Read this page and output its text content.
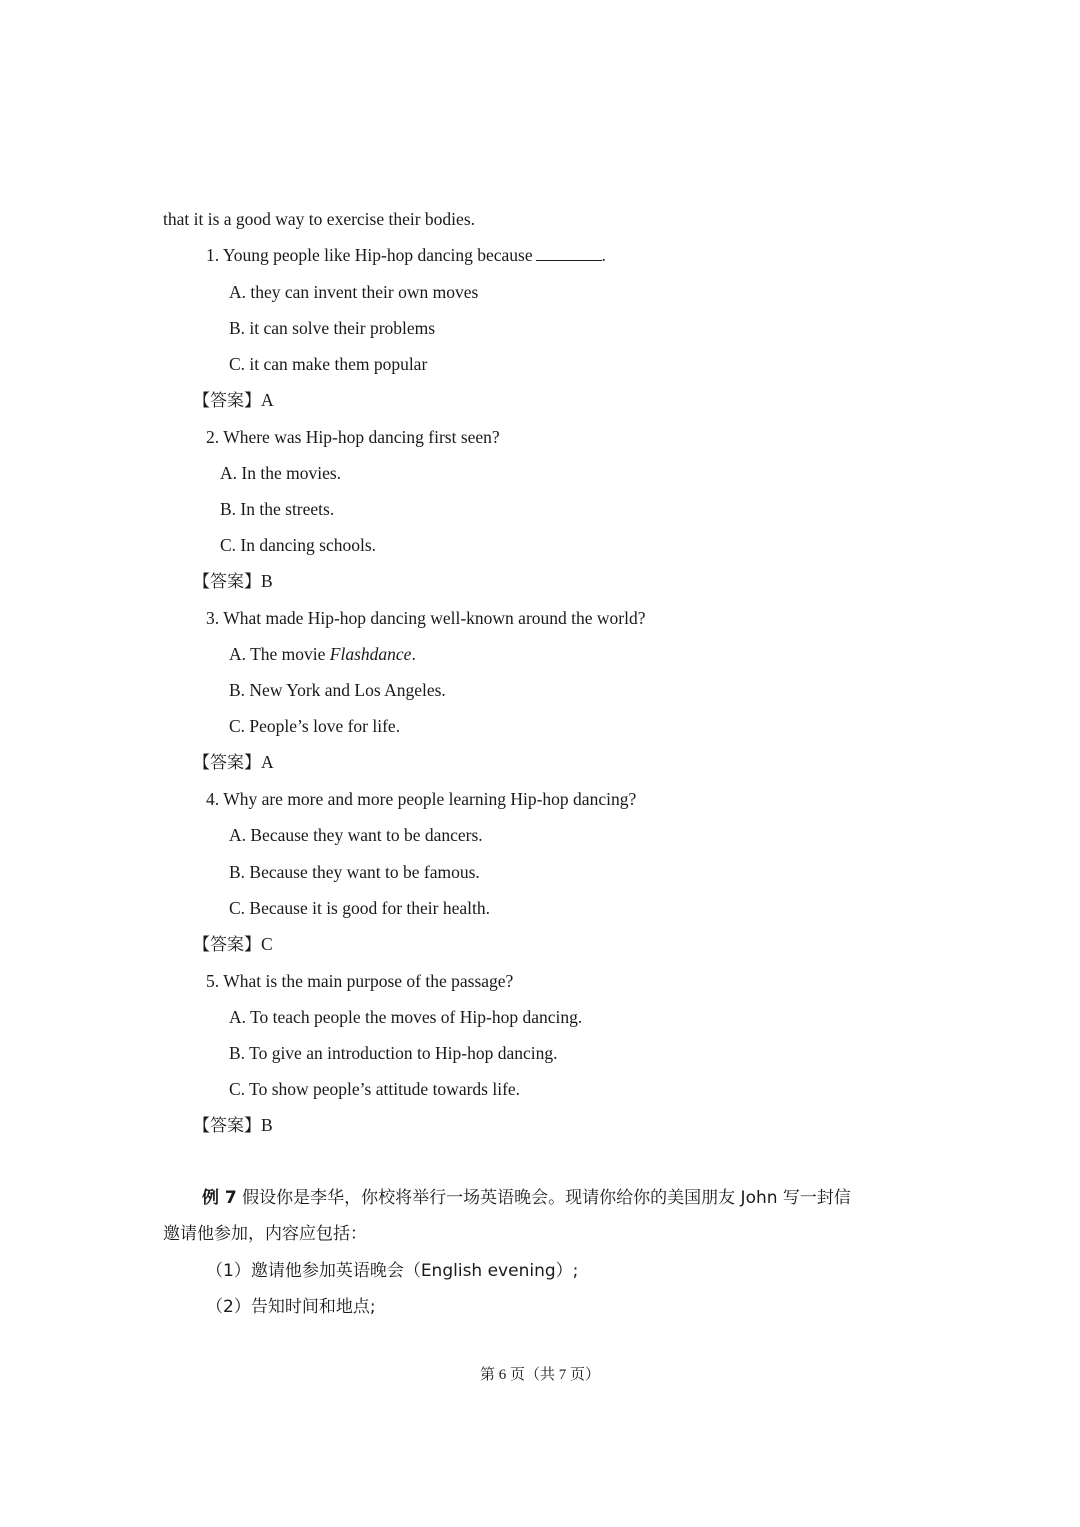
that it is a good way to exercise their bodies.
1. Young people like Hip-hop dancing because	.
A. they can invent their own moves
B. it can solve their problems
C. it can make them popular
【答案】A
2. Where was Hip-hop dancing first seen?
A. In the movies.
B. In the streets.
C. In dancing schools.
【答案】B
3. What made Hip-hop dancing well-known around the world?
A. The movie Flashdance.
B. New York and Los Angeles.
C. People’s love for life.
【答案】A
4. Why are more and more people learning Hip-hop dancing?
A. Because they want to be dancers.
B. Because they want to be famous.
C. Because it is good for their health.
【答案】C
5. What is the main purpose of the passage?
A. To teach people the moves of Hip-hop dancing.
B. To give an introduction to Hip-hop dancing.
C. To show people’s attitude towards life.
【答案】B
例 7 假设你是李华，你校将举行一场英语晚会。现请你给你的美国朋友 John 写一封信
邀请他参加，内容应包括：
（1）邀请他参加英语晚会（English evening）;
（2）告知时间和地点;
第 6 页（共 7 页）
